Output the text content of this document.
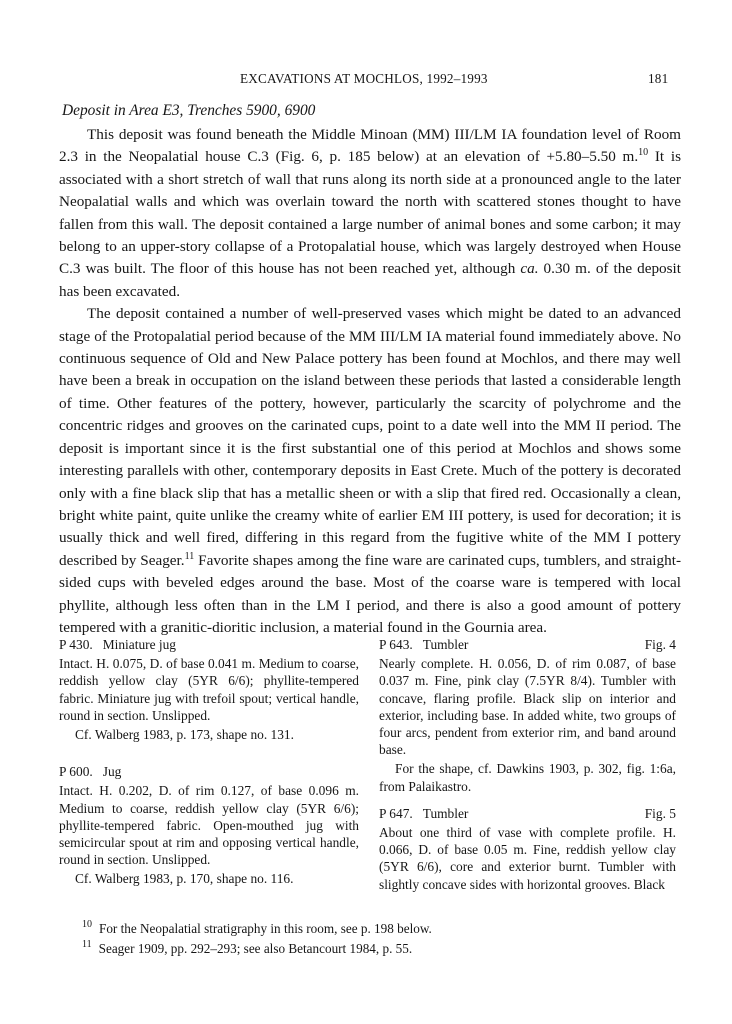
EXCAVATIONS AT MOCHLOS, 1992–1993	181
Deposit in Area E3, Trenches 5900, 6900

This deposit was found beneath the Middle Minoan (MM) III/LM IA foundation level of Room 2.3 in the Neopalatial house C.3 (Fig. 6, p. 185 below) at an elevation of +5.80–5.50 m.$^{10}$ It is associated with a short stretch of wall that runs along its north side at a pronounced angle to the later Neopalatial walls and which was overlain toward the north with scattered stones thought to have fallen from this wall. The deposit contained a large number of animal bones and some carbon; it may belong to an upper-story collapse of a Protopalatial house, which was largely destroyed when House C.3 was built. The floor of this house has not been reached yet, although ca. 0.30 m. of the deposit has been excavated.

The deposit contained a number of well-preserved vases which might be dated to an advanced stage of the Protopalatial period because of the MM III/LM IA material found immediately above. No continuous sequence of Old and New Palace pottery has been found at Mochlos, and there may well have been a break in occupation on the island between these periods that lasted a considerable length of time. Other features of the pottery, however, particularly the scarcity of polychrome and the concentric ridges and grooves on the carinated cups, point to a date well into the MM II period. The deposit is important since it is the first substantial one of this period at Mochlos and shows some interesting parallels with other, contemporary deposits in East Crete. Much of the pottery is decorated only with a fine black slip that has a metallic sheen or with a slip that fired red. Occasionally a clean, bright white paint, quite unlike the creamy white of earlier EM III pottery, is used for decoration; it is usually thick and well fired, differing in this regard from the fugitive white of the MM I pottery described by Seager.$^{11}$ Favorite shapes among the fine ware are carinated cups, tumblers, and straight-sided cups with beveled edges around the base. Most of the coarse ware is tempered with local phyllite, although less often than in the LM I period, and there is also a good amount of pottery tempered with a granitic-dioritic inclusion, a material found in the Gournia area.

P 430. Miniature jug

Intact. H. 0.075, D. of base 0.041 m. Medium to coarse, reddish yellow clay (5YR 6/6); phyllite-tempered fabric. Miniature jug with trefoil spout; vertical handle, round in section. Unslipped.

Cf. Walberg 1983, p. 173, shape no. 131.

P 600. Jug

Intact. H. 0.202, D. of rim 0.127, of base 0.096 m. Medium to coarse, reddish yellow clay (5YR 6/6); phyllite-tempered fabric. Open-mouthed jug with semicircular spout at rim and opposing vertical handle, round in section. Unslipped.

Cf. Walberg 1983, p. 170, shape no. 116.

P 643. Tumbler	Fig. 4

Nearly complete. H. 0.056, D. of rim 0.087, of base 0.037 m. Fine, pink clay (7.5YR 8/4). Tumbler with concave, flaring profile. Black slip on interior and exterior, including base. In added white, two groups of four arcs, pendent from exterior rim, and band around base.

For the shape, cf. Dawkins 1903, p. 302, fig. 1:6a, from Palaikastro.

P 647. Tumbler	Fig. 5

About one third of vase with complete profile. H. 0.066, D. of base 0.05 m. Fine, reddish yellow clay (5YR 6/6), core and exterior burnt. Tumbler with slightly concave sides with horizontal grooves. Black

$^{10}$ For the Neopalatial stratigraphy in this room, see p. 198 below.
$^{11}$ Seager 1909, pp. 292–293; see also Betancourt 1984, p. 55.
